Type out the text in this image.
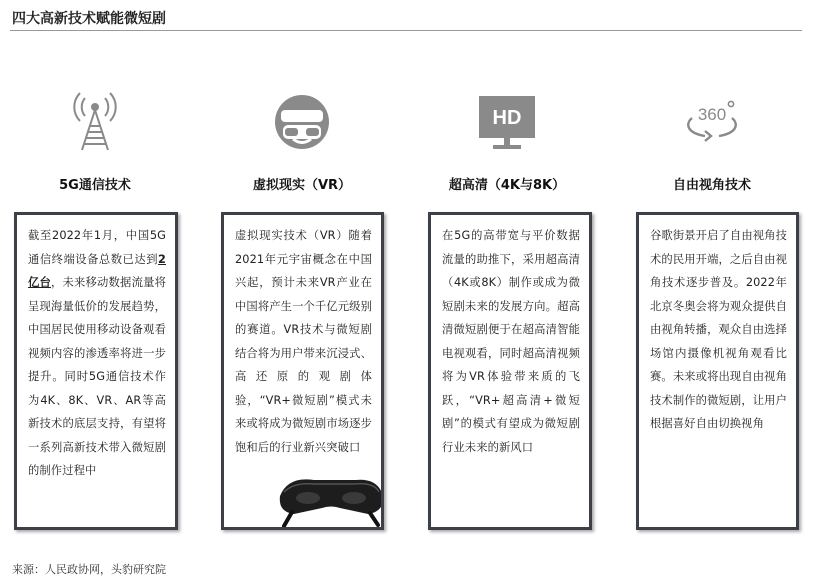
四大高新技术赋能微短剧
HD	360
5G通信技术	虚拟现实（VR）	超高清（4K与8K）	自由视角技术
截至2022年1月，中国5G通信终端设备总数已达到2亿台，未来移动数据流量将呈现海量低价的发展趋势，中国居民使用移动设备观看视频内容的渗透率将进一步提升。同时5G通信技术作为4K、8K、VR、AR等高新技术的底层支持，有望将一系列高新技术带入微短剧的制作过程中
虚拟现实技术（VR）随着2021年元宇宙概念在中国兴起，预计未来VR产业在中国将产生一个千亿元级别的赛道。VR技术与微短剧结合将为用户带来沉浸式、高还原的观剧体验，“VR+微短剧”模式未来或将成为微短剧市场逐步饱和后的行业新兴突破口
在5G的高带宽与平价数据流量的助推下，采用超高清（4K或8K）制作或成为微短剧未来的发展方向。超高清微短剧便于在超高清智能电视观看，同时超高清视频将为VR体验带来质的飞跃，“VR+超高清+微短剧”的模式有望成为微短剧行业未来的新风口
谷歌街景开启了自由视角技术的民用开端，之后自由视角技术逐步普及。2022年北京冬奥会将为观众提供自由视角转播，观众自由选择场馆内摄像机视角观看比赛。未来或将出现自由视角技术制作的微短剧，让用户根据喜好自由切换视角
来源：人民政协网，头豹研究院
